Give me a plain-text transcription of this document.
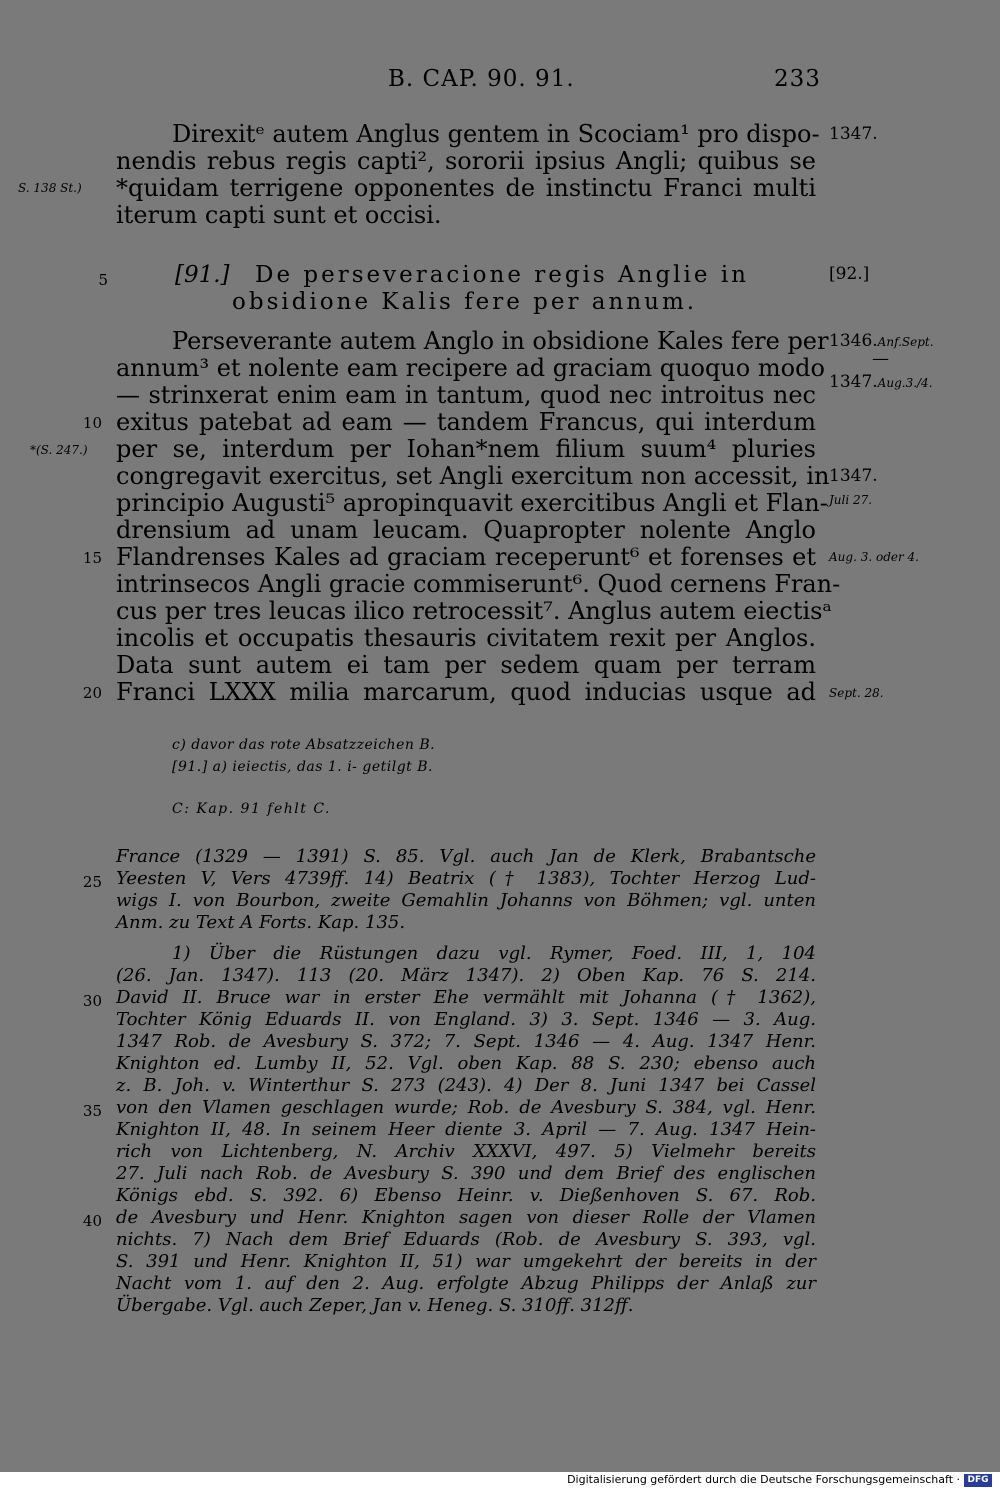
B. CAP. 90. 91.	233
Direxitᵉ autem Anglus gentem in Scociam¹ pro dispo-
nendis rebus regis capti², sororii ipsius Angli; quibus se
*quidam terrigene opponentes de instinctu Franci multi
iterum capti sunt et occisi.
S. 138 St.)
1347.
5	[91.] De perseveracione regis Anglie in
obsidione Kalis fere per annum.
[92.]
Perseverante autem Anglo in obsidione Kales fere per
annum³ et nolente eam recipere ad graciam quoquo modo
— strinxerat enim eam in tantum, quod nec introitus nec
exitus patebat ad eam — tandem Francus, qui interdum
per se, interdum per Iohan*nem filium suum⁴ pluries
congregavit exercitus, set Angli exercitum non accessit, in
principio Augusti⁵ apropinquavit exercitibus Angli et Flan-
drensium ad unam leucam. Quapropter nolente Anglo
Flandrenses Kales ad graciam receperunt⁶ et forenses et
intrinsecos Angli gracie commiserunt⁶. Quod cernens Fran-
cus per tres leucas ilico retrocessit⁷. Anglus autem eiectisᵃ
incolis et occupatis thesauris civitatem rexit per Anglos.
Data sunt autem ei tam per sedem quam per terram
Franci LXXX milia marcarum, quod inducias usque ad
10
15
20
*(S. 247.)
1346.Anf.Sept.
—
1347.Aug.3./4.
1347.
Juli 27.
Aug. 3. oder 4.
Sept. 28.
c) davor das rote Absatzzeichen B.
[91.] a) ieiectis, das 1. i- getilgt B.
C: Kap. 91 fehlt C.
France (1329 — 1391) S. 85. Vgl. auch Jan de Klerk, Brabantsche
Yeesten V, Vers 4739ff. 14) Beatrix († 1383), Tochter Herzog Lud-
wigs I. von Bourbon, zweite Gemahlin Johanns von Böhmen; vgl. unten
Anm. zu Text A Forts. Kap. 135.
25
1) Über die Rüstungen dazu vgl. Rymer, Foed. III, 1, 104
(26. Jan. 1347). 113 (20. März 1347). 2) Oben Kap. 76 S. 214.
David II. Bruce war in erster Ehe vermählt mit Johanna († 1362),
Tochter König Eduards II. von England. 3) 3. Sept. 1346 — 3. Aug.
1347 Rob. de Avesbury S. 372; 7. Sept. 1346 — 4. Aug. 1347 Henr.
Knighton ed. Lumby II, 52. Vgl. oben Kap. 88 S. 230; ebenso auch
z. B. Joh. v. Winterthur S. 273 (243). 4) Der 8. Juni 1347 bei Cassel
von den Vlamen geschlagen wurde; Rob. de Avesbury S. 384, vgl. Henr.
Knighton II, 48. In seinem Heer diente 3. April — 7. Aug. 1347 Hein-
rich von Lichtenberg, N. Archiv XXXVI, 497. 5) Vielmehr bereits
27. Juli nach Rob. de Avesbury S. 390 und dem Brief des englischen
Königs ebd. S. 392. 6) Ebenso Heinr. v. Dießenhoven S. 67. Rob.
de Avesbury und Henr. Knighton sagen von dieser Rolle der Vlamen
nichts. 7) Nach dem Brief Eduards (Rob. de Avesbury S. 393, vgl.
S. 391 und Henr. Knighton II, 51) war umgekehrt der bereits in der
Nacht vom 1. auf den 2. Aug. erfolgte Abzug Philipps der Anlaß zur
Übergabe. Vgl. auch Zeper, Jan v. Heneg. S. 310ff. 312ff.
30
35
40
Digitalisierung gefördert durch die Deutsche Forschungsgemeinschaft · DFG
